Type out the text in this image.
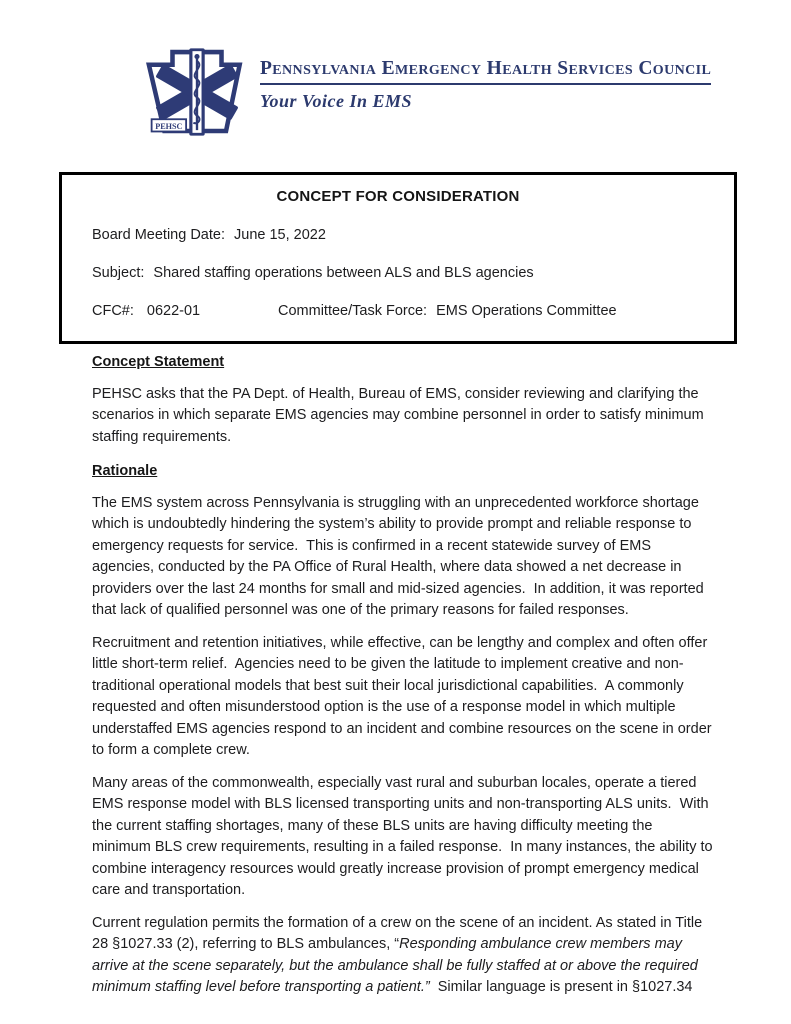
PEHSC
Pennsylvania Emergency Health Services Council
Your Voice In EMS
CONCEPT FOR CONSIDERATION
Board Meeting Date: June 15, 2022
Subject: Shared staffing operations between ALS and BLS agencies
CFC#: 0622-01	Committee/Task Force: EMS Operations Committee
Concept Statement

PEHSC asks that the PA Dept. of Health, Bureau of EMS, consider reviewing and clarifying the scenarios in which separate EMS agencies may combine personnel in order to satisfy minimum staffing requirements.

Rationale

The EMS system across Pennsylvania is struggling with an unprecedented workforce shortage which is undoubtedly hindering the system’s ability to provide prompt and reliable response to emergency requests for service.  This is confirmed in a recent statewide survey of EMS agencies, conducted by the PA Office of Rural Health, where data showed a net decrease in providers over the last 24 months for small and mid-sized agencies.  In addition, it was reported that lack of qualified personnel was one of the primary reasons for failed responses.

Recruitment and retention initiatives, while effective, can be lengthy and complex and often offer little short-term relief.  Agencies need to be given the latitude to implement creative and non-traditional operational models that best suit their local jurisdictional capabilities.  A commonly requested and often misunderstood option is the use of a response model in which multiple understaffed EMS agencies respond to an incident and combine resources on the scene in order to form a complete crew.

Many areas of the commonwealth, especially vast rural and suburban locales, operate a tiered EMS response model with BLS licensed transporting units and non-transporting ALS units.  With the current staffing shortages, many of these BLS units are having difficulty meeting the minimum BLS crew requirements, resulting in a failed response.  In many instances, the ability to combine interagency resources would greatly increase provision of prompt emergency medical care and transportation.

Current regulation permits the formation of a crew on the scene of an incident. As stated in Title 28 §1027.33 (2), referring to BLS ambulances, “Responding ambulance crew members may arrive at the scene separately, but the ambulance shall be fully staffed at or above the required minimum staffing level before transporting a patient.”  Similar language is present in §1027.34
